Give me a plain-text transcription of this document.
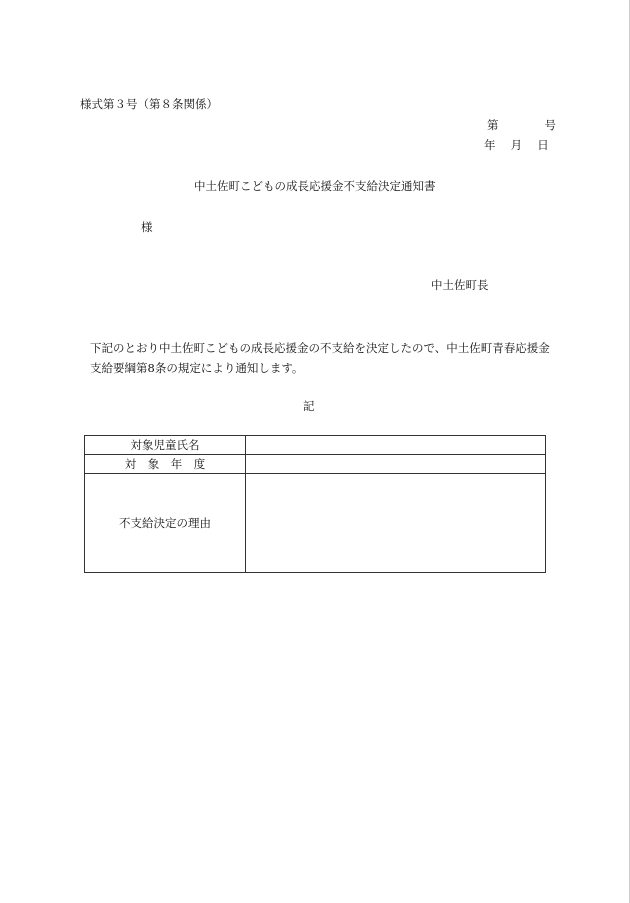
様式第３号（第８条関係）
第　　　　号
年　 月　 日
中土佐町こどもの成長応援金不支給決定通知書
様
中土佐町長
下記のとおり中土佐町こどもの成長応援金の不支給を決定したので、中土佐町青春応援金
支給要綱第8条の規定により通知します。
記
対象児童氏名	
対　象　年　度	
不支給決定の理由	
